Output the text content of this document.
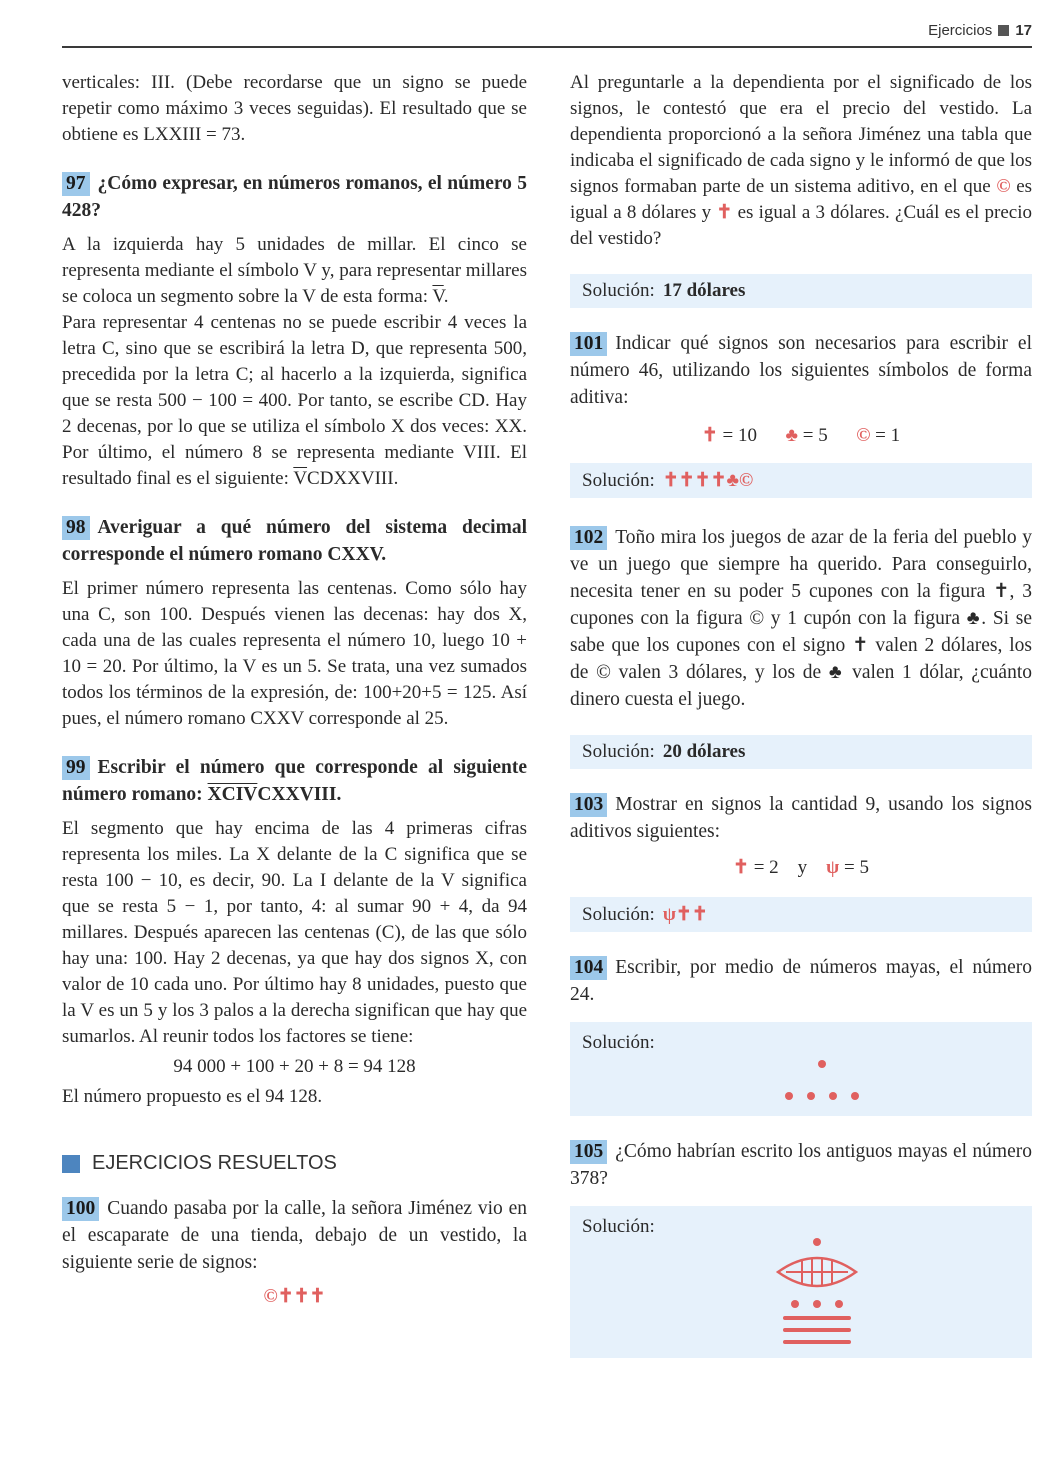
Ejercicios 17

verticales: III. (Debe recordarse que un signo se puede repetir como máximo 3 veces seguidas). El resultado que se obtiene es LXXIII = 73.

97 ¿Cómo expresar, en números romanos, el número 5 428?

A la izquierda hay 5 unidades de millar. El cinco se representa mediante el símbolo V y, para representar millares se coloca un segmento sobre la V de esta forma: $\overline{V}$.

Para representar 4 centenas no se puede escribir 4 veces la letra C, sino que se escribirá la letra D, que representa 500, precedida por la letra C; al hacerlo a la izquierda, significa que se resta 500 − 100 = 400. Por tanto, se escribe CD. Hay 2 decenas, por lo que se utiliza el símbolo X dos veces: XX. Por último, el número 8 se representa mediante VIII. El resultado final es el siguiente: $\overline{V}CDXXVIII$.

98 Averiguar a qué número del sistema decimal corresponde el número romano CXXV.

El primer número representa las centenas. Como sólo hay una C, son 100. Después vienen las decenas: hay dos X, cada una de las cuales representa el número 10, luego 10 + 10 = 20. Por último, la V es un 5. Se trata, una vez sumados todos los términos de la expresión, de: 100+20+5 = 125. Así pues, el número romano CXXV corresponde al 25.

99 Escribir el número que corresponde al siguiente número romano: XCIVCXXVIII.

El segmento que hay encima de las 4 primeras cifras representa los miles. La X delante de la C significa que se resta 100 − 10, es decir, 90. La I delante de la V significa que se resta 5 − 1, por tanto, 4: al sumar 90 + 4, da 94 millares. Después aparecen las centenas (C), de las que sólo hay una: 100. Hay 2 decenas, ya que hay dos signos X, con valor de 10 cada uno. Por último hay 8 unidades, puesto que la V es un 5 y los 3 palos a la derecha significan que hay que sumarlos. Al reunir todos los factores se tiene:

94 000 + 100 + 20 + 8 = 94 128

El número propuesto es el 94 128.

EJERCICIOS RESUELTOS
100 Cuando pasaba por la calle, la señora Jiménez vio en el escaparate de una tienda, debajo de un vestido, la siguiente serie de signos:

©✝✝✝

Al preguntarle a la dependienta por el significado de los signos, le contestó que era el precio del vestido. La dependienta proporcionó a la señora Jiménez una tabla que indicaba el significado de cada signo y le informó de que los signos formaban parte de un sistema aditivo, en el que © es igual a 8 dólares y ✝ es igual a 3 dólares. ¿Cuál es el precio del vestido?

Solución: 17 dólares
101 Indicar qué signos son necesarios para escribir el número 46, utilizando los siguientes símbolos de forma aditiva:

✝ = 10 ♣ = 5 © = 1

Solución: ✝✝✝✝♣©
102 Toño mira los juegos de azar de la feria del pueblo y ve un juego que siempre ha querido. Para conseguirlo, necesita tener en su poder 5 cupones con la figura ✝, 3 cupones con la figura © y 1 cupón con la figura ♣. Si se sabe que los cupones con el signo ✝ valen 2 dólares, los de © valen 3 dólares, y los de ♣ valen 1 dólar, ¿cuánto dinero cuesta el juego.
Solución: 20 dólares
103 Mostrar en signos la cantidad 9, usando los signos aditivos siguientes:

✝ = 2 y ψ = 5

Solución: ψ✝✝
104 Escribir, por medio de números mayas, el número 24.
Solución:
105 ¿Cómo habrían escrito los antiguos mayas el número 378?
Solución:
